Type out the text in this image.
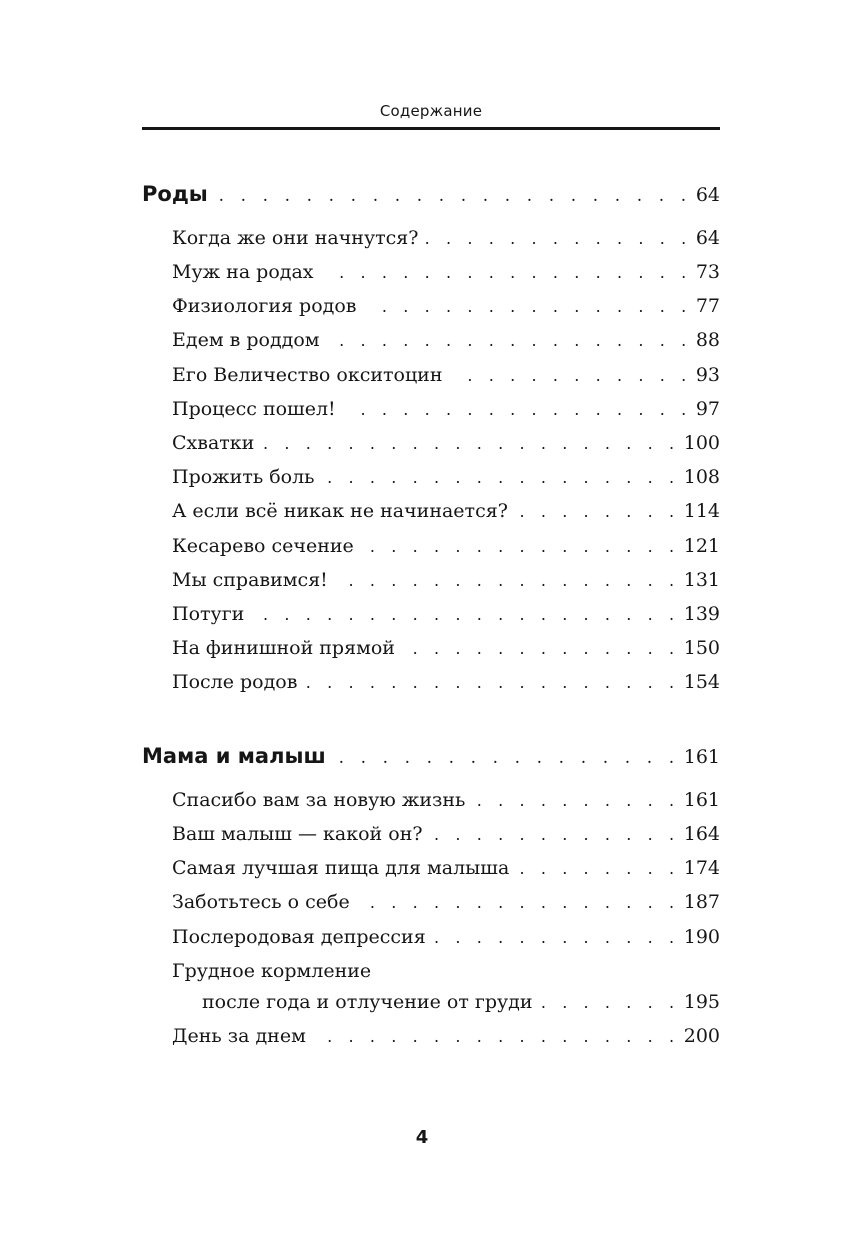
Содержание
Роды . . .	64
Когда же они начнутся? . . .	64
Муж на родах . . .	73
Физиология родов . . .	77
Едем в роддом . . .	88
Его Величество окситоцин . . .	93
Процесс пошел! . . .	97
Схватки . . .	100
Прожить боль . . .	108
А если всё никак не начинается? . . .	114
Кесарево сечение . . .	121
Мы справимся! . . .	131
Потуги . . .	139
На финишной прямой . . .	150
После родов . . .	154
Мама и малыш . . .	161
Спасибо вам за новую жизнь . . .	161
Ваш малыш — какой он? . . .	164
Самая лучшая пища для малыша . . .	174
Заботьтесь о себе . . .	187
Послеродовая депрессия . . .	190
Грудное кормление
после года и отлучение от груди . . .	195
День за днем . . .	200
4
